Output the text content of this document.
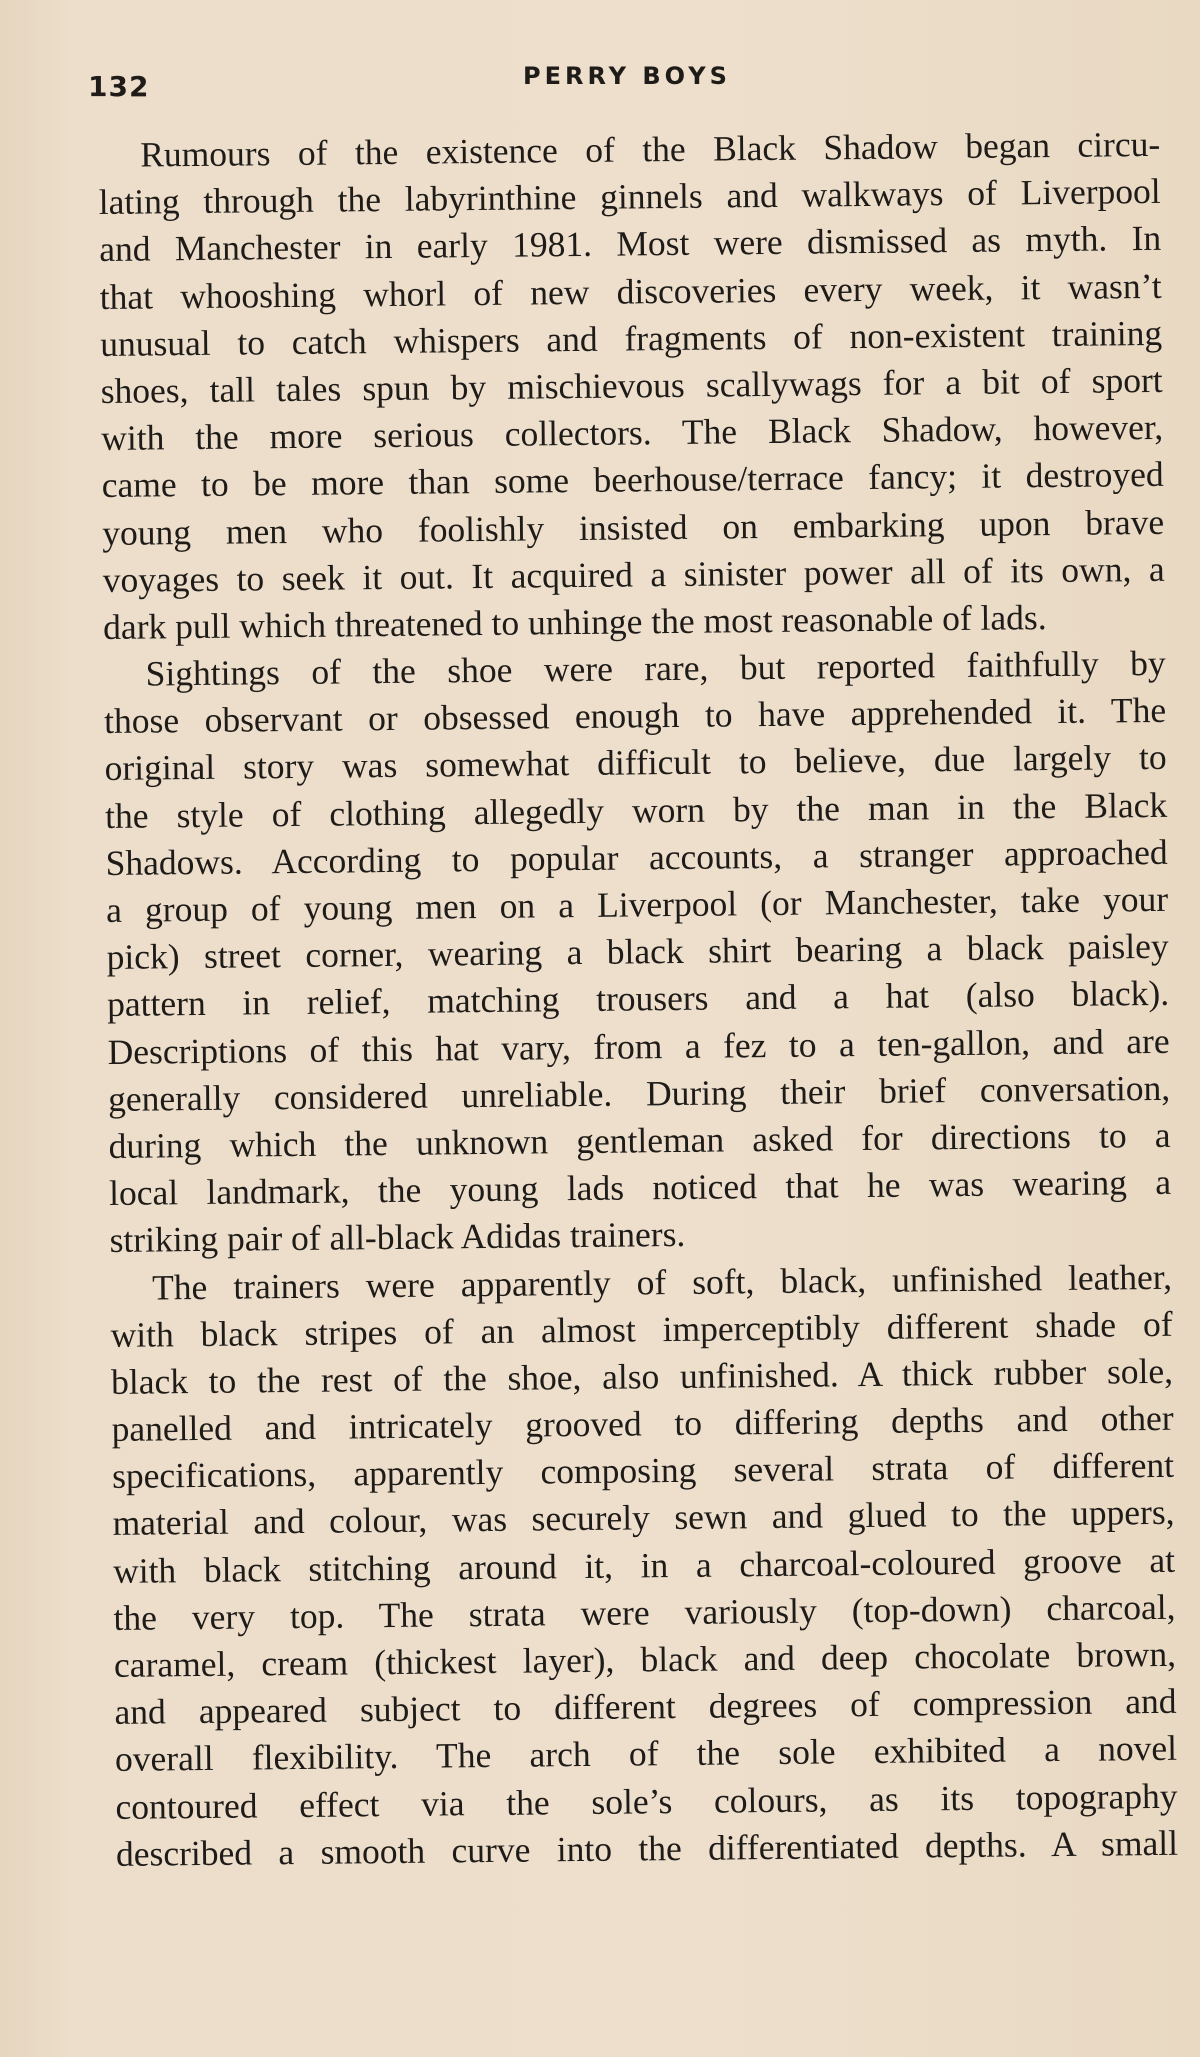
132	PERRY BOYS
Rumours of the existence of the Black Shadow began circu-
lating through the labyrinthine ginnels and walkways of Liverpool
and Manchester in early 1981. Most were dismissed as myth. In
that whooshing whorl of new discoveries every week, it wasn’t
unusual to catch whispers and fragments of non-existent training
shoes, tall tales spun by mischievous scallywags for a bit of sport
with the more serious collectors. The Black Shadow, however,
came to be more than some beerhouse/terrace fancy; it destroyed
young men who foolishly insisted on embarking upon brave
voyages to seek it out. It acquired a sinister power all of its own, a
dark pull which threatened to unhinge the most reasonable of lads.
Sightings of the shoe were rare, but reported faithfully by
those observant or obsessed enough to have apprehended it. The
original story was somewhat difficult to believe, due largely to
the style of clothing allegedly worn by the man in the Black
Shadows. According to popular accounts, a stranger approached
a group of young men on a Liverpool (or Manchester, take your
pick) street corner, wearing a black shirt bearing a black paisley
pattern in relief, matching trousers and a hat (also black).
Descriptions of this hat vary, from a fez to a ten-gallon, and are
generally considered unreliable. During their brief conversation,
during which the unknown gentleman asked for directions to a
local landmark, the young lads noticed that he was wearing a
striking pair of all-black Adidas trainers.
The trainers were apparently of soft, black, unfinished leather,
with black stripes of an almost imperceptibly different shade of
black to the rest of the shoe, also unfinished. A thick rubber sole,
panelled and intricately grooved to differing depths and other
specifications, apparently composing several strata of different
material and colour, was securely sewn and glued to the uppers,
with black stitching around it, in a charcoal-coloured groove at
the very top. The strata were variously (top-down) charcoal,
caramel, cream (thickest layer), black and deep chocolate brown,
and appeared subject to different degrees of compression and
overall flexibility. The arch of the sole exhibited a novel
contoured effect via the sole’s colours, as its topography
described a smooth curve into the differentiated depths. A small
